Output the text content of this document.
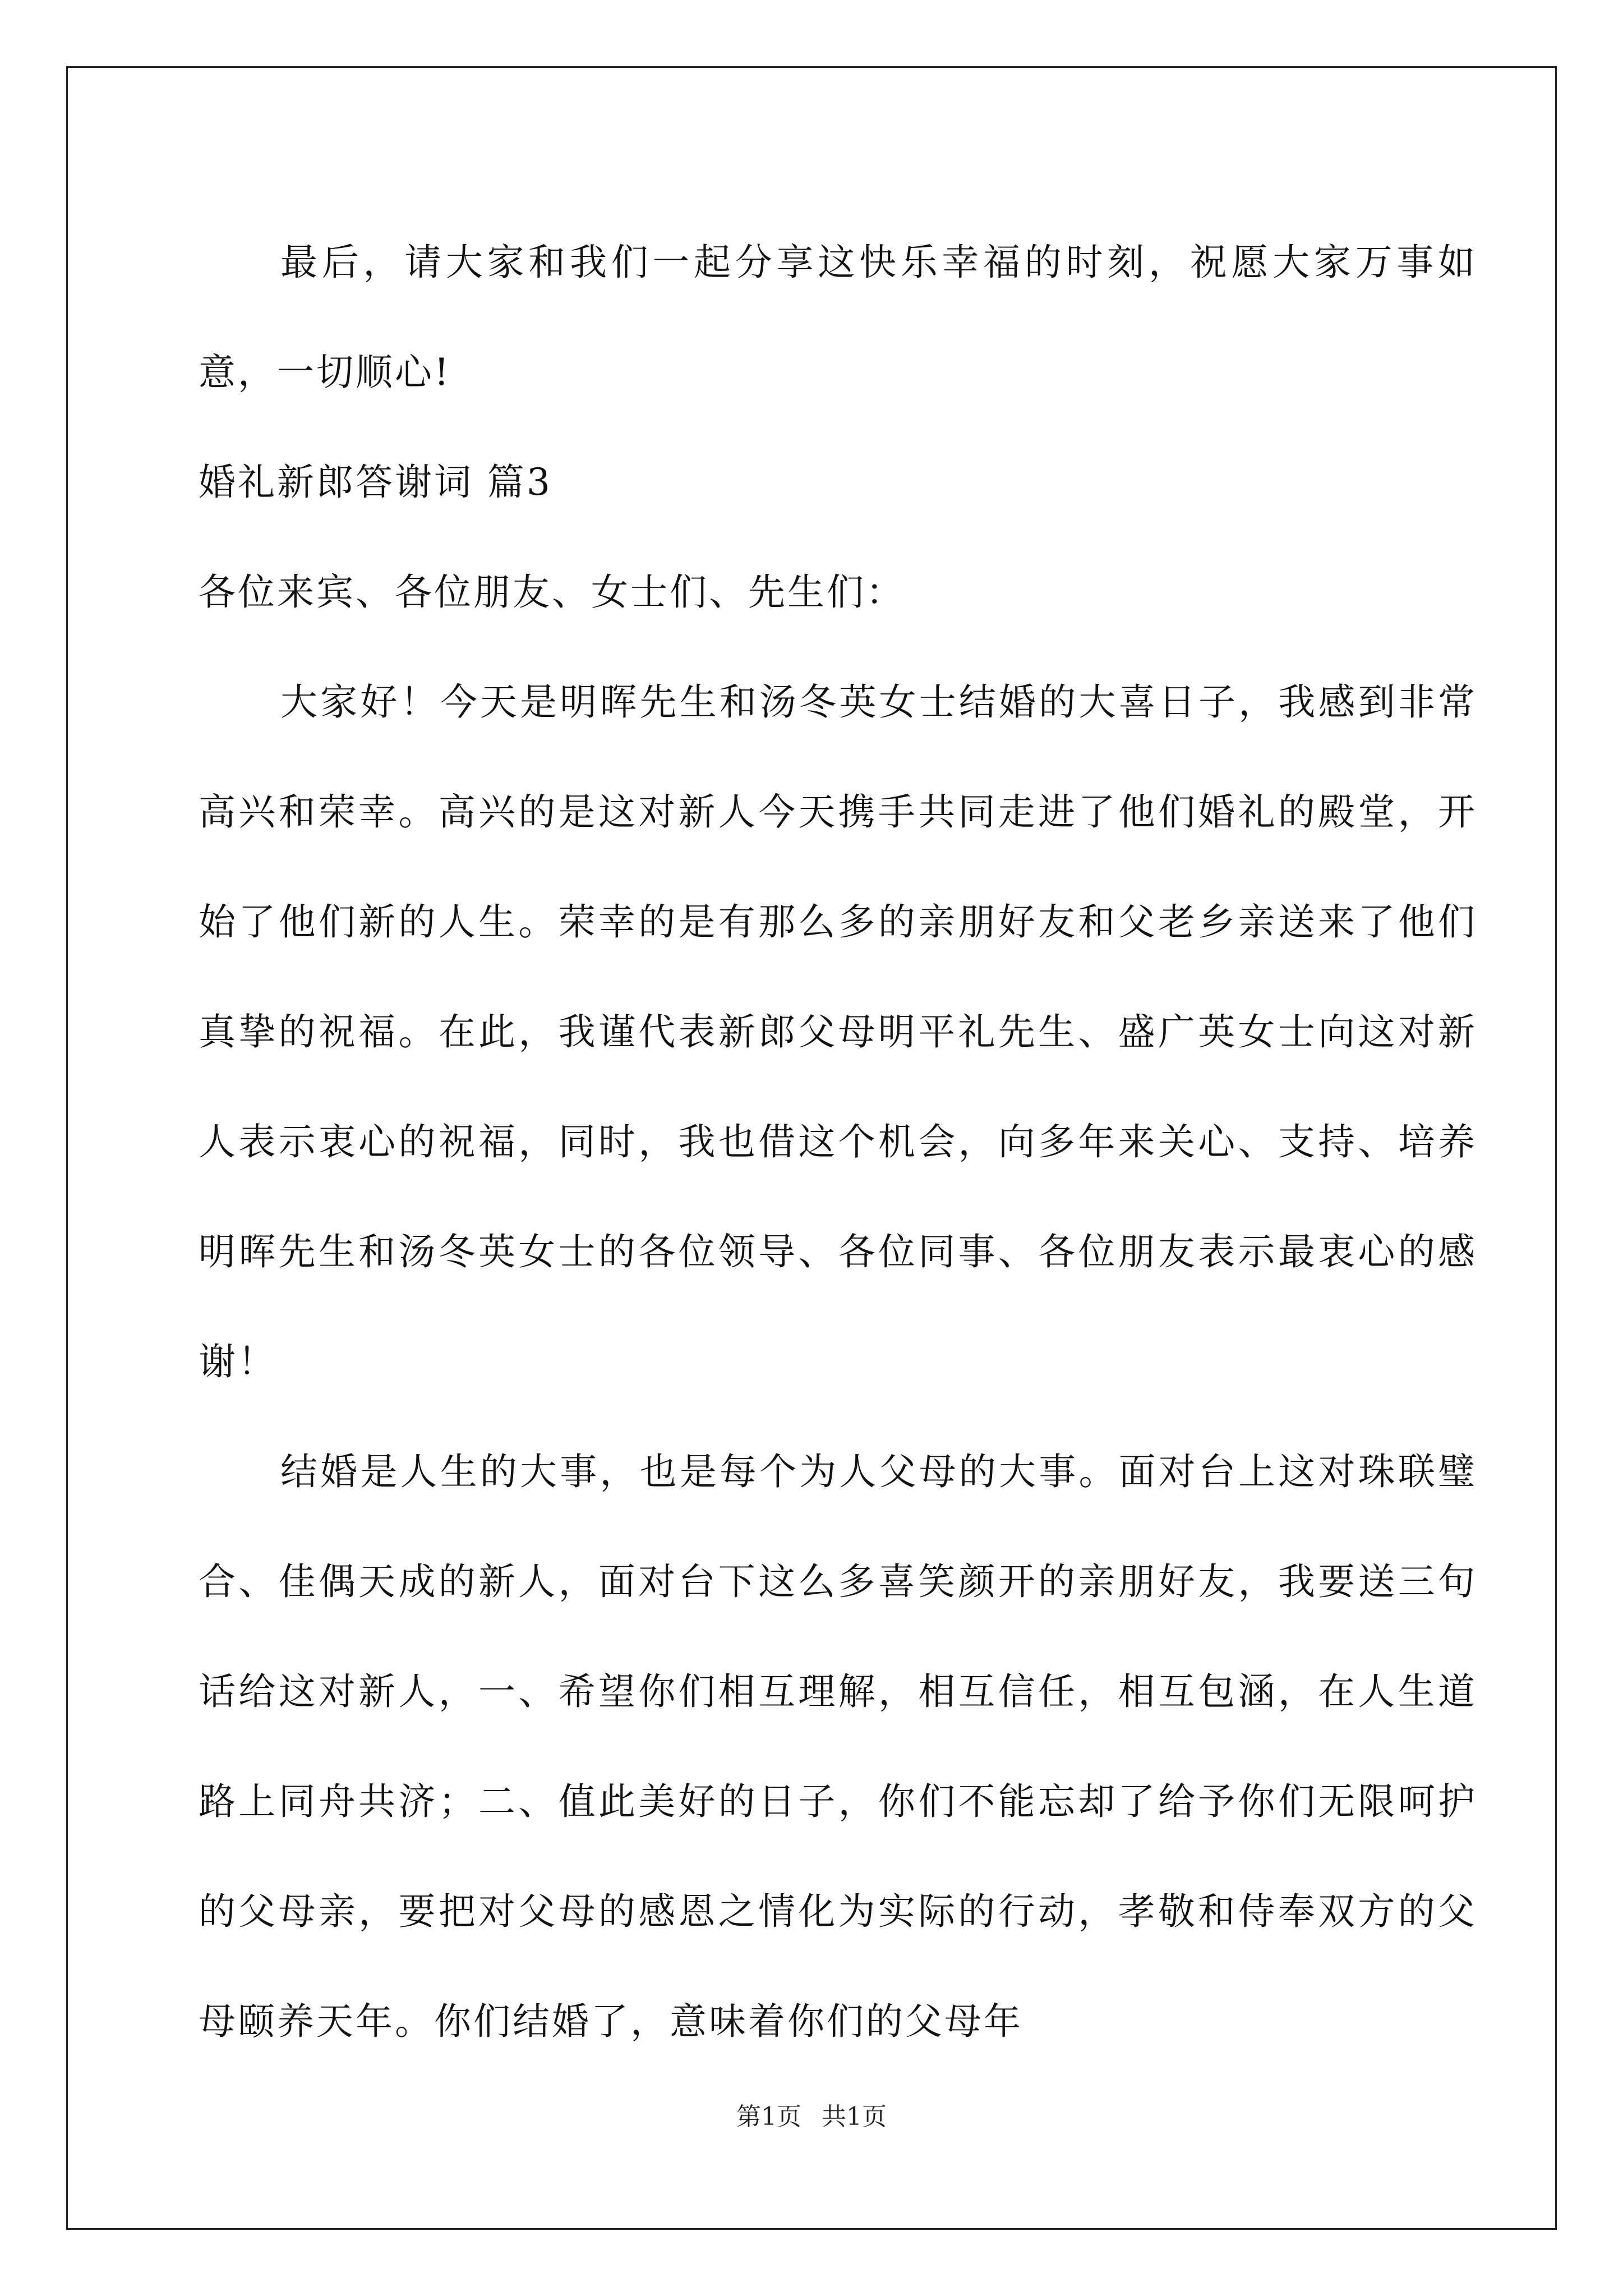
最后，请大家和我们一起分享这快乐幸福的时刻，祝愿大家万事如意，一切顺心!

婚礼新郎答谢词 篇3

各位来宾、各位朋友、女士们、先生们：

大家好！今天是明晖先生和汤冬英女士结婚的大喜日子，我感到非常高兴和荣幸。高兴的是这对新人今天携手共同走进了他们婚礼的殿堂，开始了他们新的人生。荣幸的是有那么多的亲朋好友和父老乡亲送来了他们真挚的祝福。在此，我谨代表新郎父母明平礼先生、盛广英女士向这对新人表示衷心的祝福，同时，我也借这个机会，向多年来关心、支持、培养明晖先生和汤冬英女士的各位领导、各位同事、各位朋友表示最衷心的感谢！

结婚是人生的大事，也是每个为人父母的大事。面对台上这对珠联璧合、佳偶天成的新人，面对台下这么多喜笑颜开的亲朋好友，我要送三句话给这对新人，一、希望你们相互理解，相互信任，相互包涵，在人生道路上同舟共济；二、值此美好的日子，你们不能忘却了给予你们无限呵护的父母亲，要把对父母的感恩之情化为实际的行动，孝敬和侍奉双方的父母颐养天年。你们结婚了，意味着你们的父母年

第1页 共1页
